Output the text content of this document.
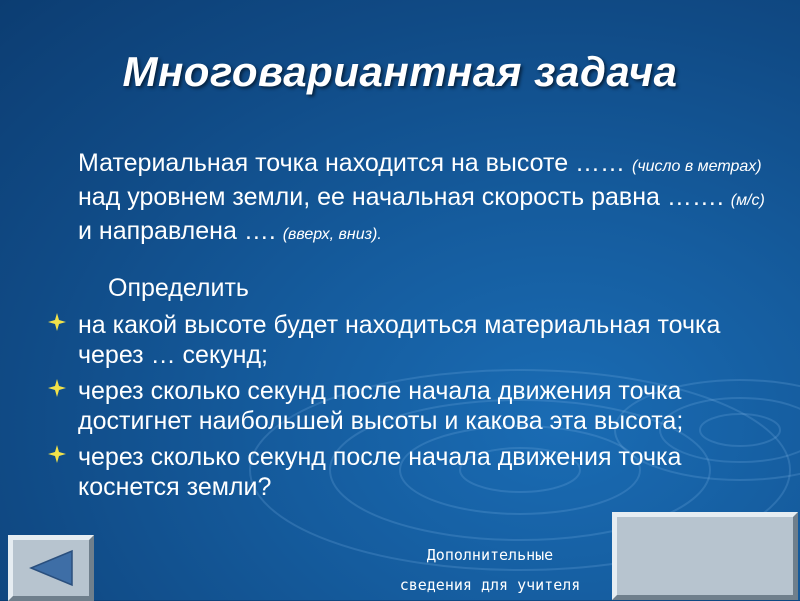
Многовариантная задача
Материальная точка находится на высоте …… (число в метрах) над уровнем земли, ее начальная скорость равна ……. (м/с) и направлена …. (вверх, вниз).
Определить
на какой высоте будет находиться материальная точка через … секунд;
через сколько секунд после начала движения точка достигнет наибольшей высоты и какова эта высота;
через сколько секунд после начала движения точка коснется земли?
Дополнительные
сведения для учителя
